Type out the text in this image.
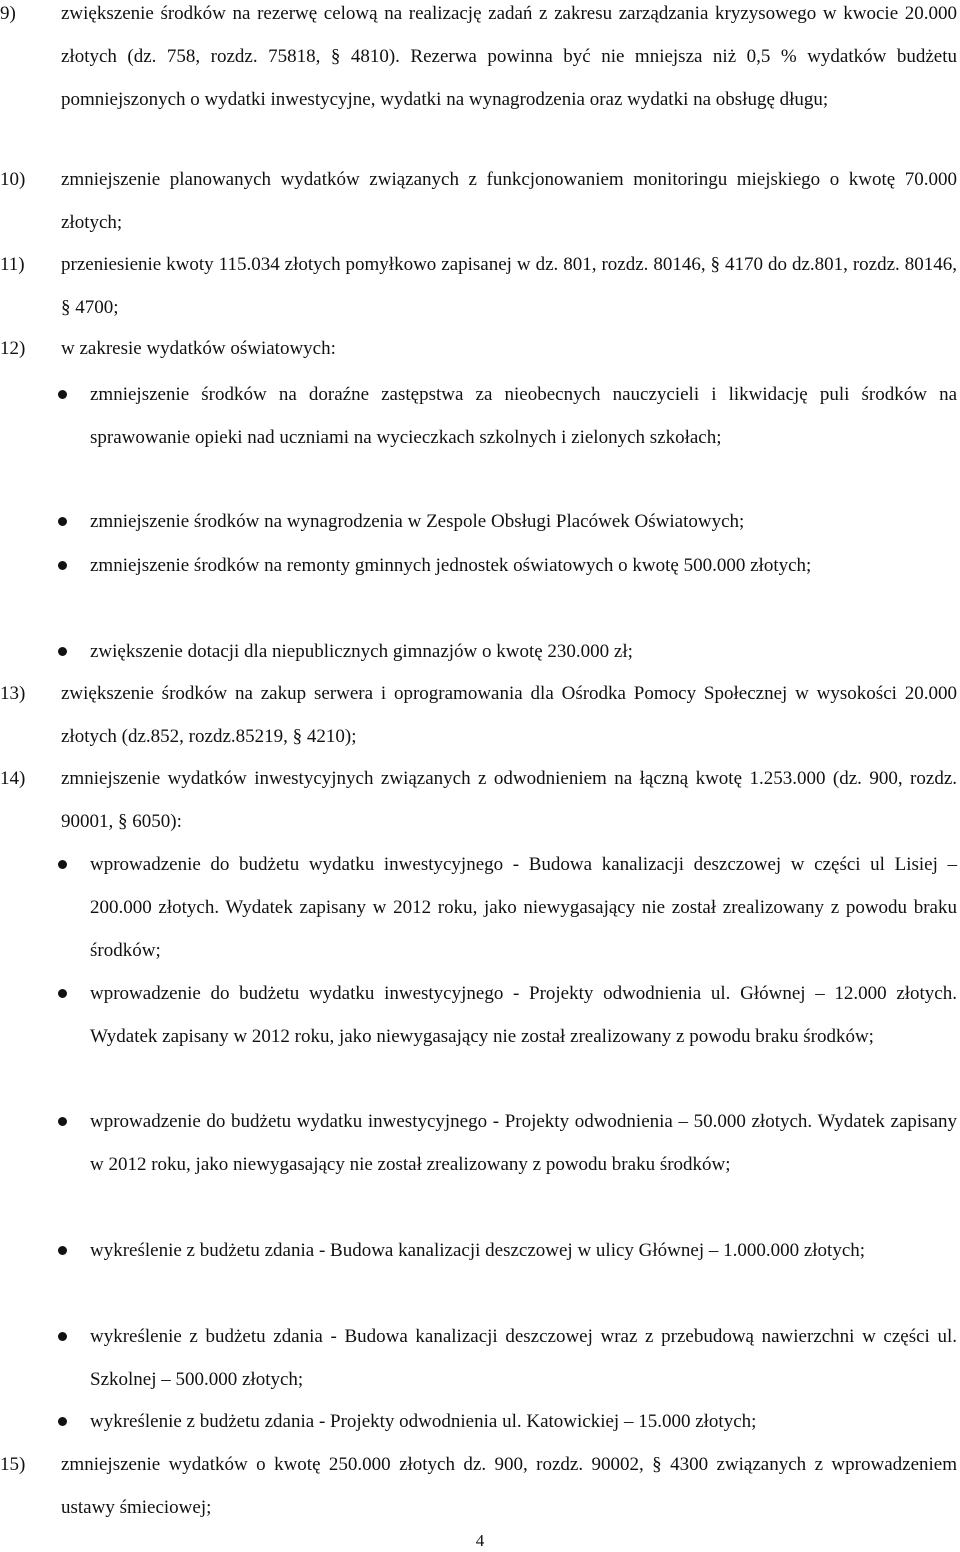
9)	zwiększenie środków na rezerwę celową na realizację zadań z zakresu zarządzania kryzysowego w kwocie 20.000 złotych (dz. 758, rozdz. 75818, § 4810). Rezerwa powinna być nie mniejsza niż 0,5 % wydatków budżetu pomniejszonych o wydatki inwestycyjne, wydatki na wynagrodzenia oraz wydatki na obsługę długu;
10)	zmniejszenie planowanych wydatków związanych z funkcjonowaniem monitoringu miejskiego o kwotę 70.000 złotych;
11)	przeniesienie kwoty 115.034 złotych pomyłkowo zapisanej w dz. 801, rozdz. 80146, § 4170 do dz.801, rozdz. 80146, § 4700;
12)	w zakresie wydatków oświatowych:
zmniejszenie środków na doraźne zastępstwa za nieobecnych nauczycieli i likwidację puli środków na sprawowanie opieki nad uczniami na wycieczkach szkolnych i zielonych szkołach;
zmniejszenie środków na wynagrodzenia w Zespole Obsługi Placówek Oświatowych;
zmniejszenie środków na remonty gminnych jednostek oświatowych o kwotę 500.000 złotych;
zwiększenie dotacji dla niepublicznych gimnazjów o kwotę 230.000 zł;
13)	zwiększenie środków na zakup serwera i oprogramowania dla Ośrodka Pomocy Społecznej w wysokości 20.000 złotych (dz.852, rozdz.85219, § 4210);
14)	zmniejszenie wydatków inwestycyjnych związanych z odwodnieniem na łączną kwotę 1.253.000 (dz. 900, rozdz. 90001, § 6050):
wprowadzenie do budżetu wydatku inwestycyjnego - Budowa kanalizacji deszczowej w części ul Lisiej – 200.000 złotych. Wydatek zapisany w 2012 roku, jako niewygasający nie został zrealizowany z powodu braku środków;
wprowadzenie do budżetu wydatku inwestycyjnego - Projekty odwodnienia ul. Głównej – 12.000 złotych. Wydatek zapisany w 2012 roku, jako niewygasający nie został zrealizowany z powodu braku środków;
wprowadzenie do budżetu wydatku inwestycyjnego - Projekty odwodnienia – 50.000 złotych. Wydatek zapisany w 2012 roku, jako niewygasający nie został zrealizowany z powodu braku środków;
wykreślenie z budżetu zdania - Budowa kanalizacji deszczowej w ulicy Głównej – 1.000.000 złotych;
wykreślenie z budżetu zdania - Budowa kanalizacji deszczowej wraz z przebudową nawierzchni w części ul. Szkolnej – 500.000 złotych;
wykreślenie z budżetu zdania - Projekty odwodnienia ul. Katowickiej – 15.000 złotych;
15)	zmniejszenie wydatków o kwotę 250.000 złotych dz. 900, rozdz. 90002, § 4300 związanych z wprowadzeniem ustawy śmieciowej;
4
